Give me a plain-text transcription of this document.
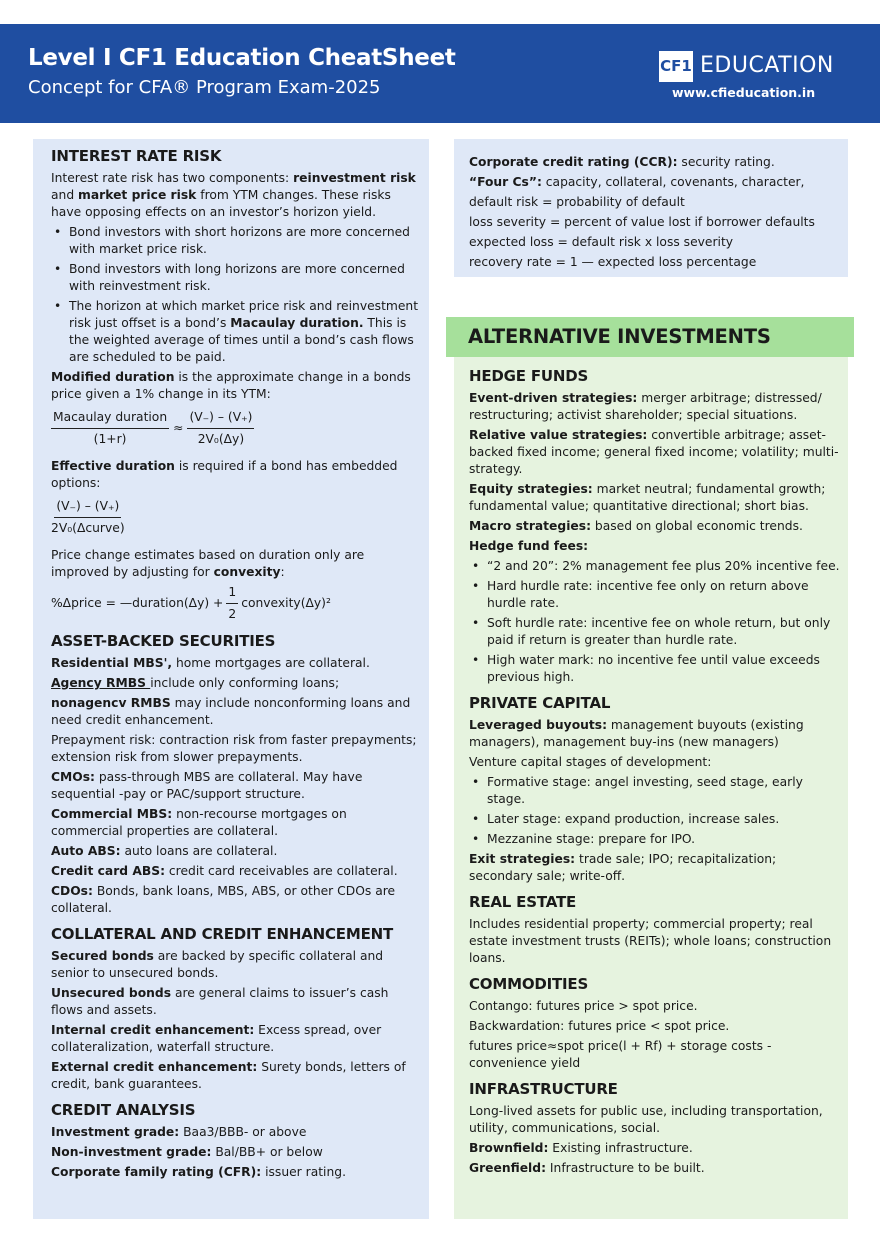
Level I CF1 Education CheatSheet
Concept for CFA® Program Exam-2025
CF1 EDUCATION
www.cfieducation.in
ALTERNATIVE INVESTMENTS
INTEREST RATE RISK

Interest rate risk has two components: reinvestment risk and market price risk from YTM changes. These risks have opposing effects on an investor’s horizon yield.

• Bond investors with short horizons are more concerned with market price risk.
• Bond investors with long horizons are more concerned with reinvestment risk.
• The horizon at which market price risk and reinvestment risk just offset is a bond’s Macaulay duration. This is the weighted average of times until a bond’s cash flows are scheduled to be paid.

Modified duration is the approximate change in a bonds price given a 1% change in its YTM:

$\frac{\text{Macaulay duration}}{(1+r)} \approx \frac{(V_-) - (V_+)}{\text{2V₀(Δy)}}$

Effective duration is required if a bond has embedded options:

$\frac{(V_-) - (V_+)}{\text{2V₀(Δcurve)}}$

Price change estimates based on duration only are improved by adjusting for convexity:

%Δprice = —duration(Δy) + $\frac{1}{2}$ convexity(Δy)²
ASSET-BACKED SECURITIES

Residential MBS', home mortgages are collateral.

Agency RMBS include only conforming loans;

nonagencv RMBS may include nonconforming loans and need credit enhancement.

Prepayment risk: contraction risk from faster prepayments; extension risk from slower prepayments.

CMOs: pass-through MBS are collateral. May have sequential -pay or PAC/support structure.

Commercial MBS: non-recourse mortgages on commercial properties are collateral.

Auto ABS: auto loans are collateral.

Credit card ABS: credit card receivables are collateral.

CDOs: Bonds, bank loans, MBS, ABS, or other CDOs are collateral.

COLLATERAL AND CREDIT ENHANCEMENT

Secured bonds are backed by specific collateral and senior to unsecured bonds.

Unsecured bonds are general claims to issuer’s cash flows and assets.

Internal credit enhancement: Excess spread, over collateralization, waterfall structure.

External credit enhancement: Surety bonds, letters of credit, bank guarantees.

CREDIT ANALYSIS

Investment grade: Baa3/BBB- or above

Non-investment grade: Bal/BB+ or below

Corporate family rating (CFR): issuer rating.

Corporate credit rating (CCR): security rating.

“Four Cs”: capacity, collateral, covenants, character,

default risk = probability of default

loss severity = percent of value lost if borrower defaults

expected loss = default risk x loss severity

recovery rate = 1 — expected loss percentage

HEDGE FUNDS

Event-driven strategies: merger arbitrage; distressed/ restructuring; activist shareholder; special situations.

Relative value strategies: convertible arbitrage; asset-backed fixed income; general fixed income; volatility; multi-strategy.

Equity strategies: market neutral; fundamental growth; fundamental value; quantitative directional; short bias.

Macro strategies: based on global economic trends.

Hedge fund fees:

• “2 and 20”: 2% management fee plus 20% incentive fee.
• Hard hurdle rate: incentive fee only on return above hurdle rate.
• Soft hurdle rate: incentive fee on whole return, but only paid if return is greater than hurdle rate.
• High water mark: no incentive fee until value exceeds previous high.
PRIVATE CAPITAL

Leveraged buyouts: management buyouts (existing managers), management buy-ins (new managers)

Venture capital stages of development:

• Formative stage: angel investing, seed stage, early stage.
• Later stage: expand production, increase sales.
• Mezzanine stage: prepare for IPO.

Exit strategies: trade sale; IPO; recapitalization; secondary sale; write-off.

REAL ESTATE

Includes residential property; commercial property; real estate investment trusts (REITs); whole loans; construction loans.

COMMODITIES

Contango: futures price > spot price.

Backwardation: futures price < spot price.

futures price≈spot price(l + Rf) + storage costs - convenience yield

INFRASTRUCTURE

Long-lived assets for public use, including transportation, utility, communications, social.

Brownfield: Existing infrastructure.

Greenfield: Infrastructure to be built.
